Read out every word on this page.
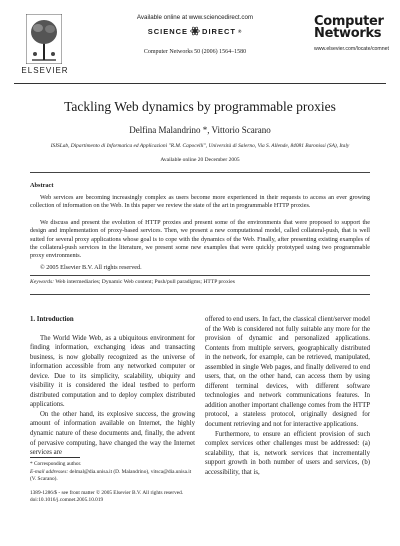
ELSEVIER
Available online at www.sciencedirect.com
SCIENCE DIRECT ®
Computer Networks 50 (2006) 1564–1580
Computer
Networks
www.elsevier.com/locate/comnet
Tackling Web dynamics by programmable proxies
Delfina Malandrino *, Vittorio Scarano
ISISLab, Dipartimento di Informatica ed Applicazioni "R.M. Capocelli", Università di Salerno, Via S. Allende, 84081 Baronissi (SA), Italy
Available online 20 December 2005
Abstract
Web services are becoming increasingly complex as users become more experienced in their requests to access an ever growing collection of information on the Web. In this paper we review the state of the art in programmable HTTP proxies.
We discuss and present the evolution of HTTP proxies and present some of the environments that were proposed to support the design and implementation of proxy-based services. Then, we present a new computational model, called collateral-push, that is well suited for several proxy applications whose goal is to cope with the dynamics of the Web. Finally, after presenting existing examples of the collateral-push services in the literature, we present some new examples that were quickly prototyped using two programmable proxy environments.
© 2005 Elsevier B.V. All rights reserved.
Keywords: Web intermediaries; Dynamic Web content; Push/pull paradigms; HTTP proxies
1. Introduction

The World Wide Web, as a ubiquitous environment for finding information, exchanging ideas and transacting business, is now globally recognized as the universe of information accessible from any networked computer or device. Due to its simplicity, scalability, ubiquity and visibility it is considered the ideal testbed to perform distributed computation and to deploy complex distributed applications.

On the other hand, its explosive success, the growing amount of information available on Internet, the highly dynamic nature of these documents and, finally, the advent of pervasive computing, have changed the way the Internet services are

offered to end users. In fact, the classical client/server model of the Web is considered not fully suitable any more for the provision of dynamic and personalized applications. Contents from multiple servers, geographically distributed in the network, for example, can be retrieved, manipulated, assembled in single Web pages, and finally delivered to end users, that, on the other hand, can access them by using different terminal devices, with different software technologies and network communications features. In addition another important challenge comes from the HTTP protocol, a stateless protocol, originally designed for document retrieving and not for interactive applications.

Furthermore, to ensure an efficient provision of such complex services other challenges must be addressed: (a) scalability, that is, network services that incrementally support growth in both number of users and services, (b) accessibility, that is,

* Corresponding author.
E-mail addresses: delmal@dia.unisa.it (D. Malandrino), vitsca@dia.unisa.it (V. Scarano).
1389-1286/$ - see front matter © 2005 Elsevier B.V. All rights reserved.
doi:10.1016/j.comnet.2005.10.019
